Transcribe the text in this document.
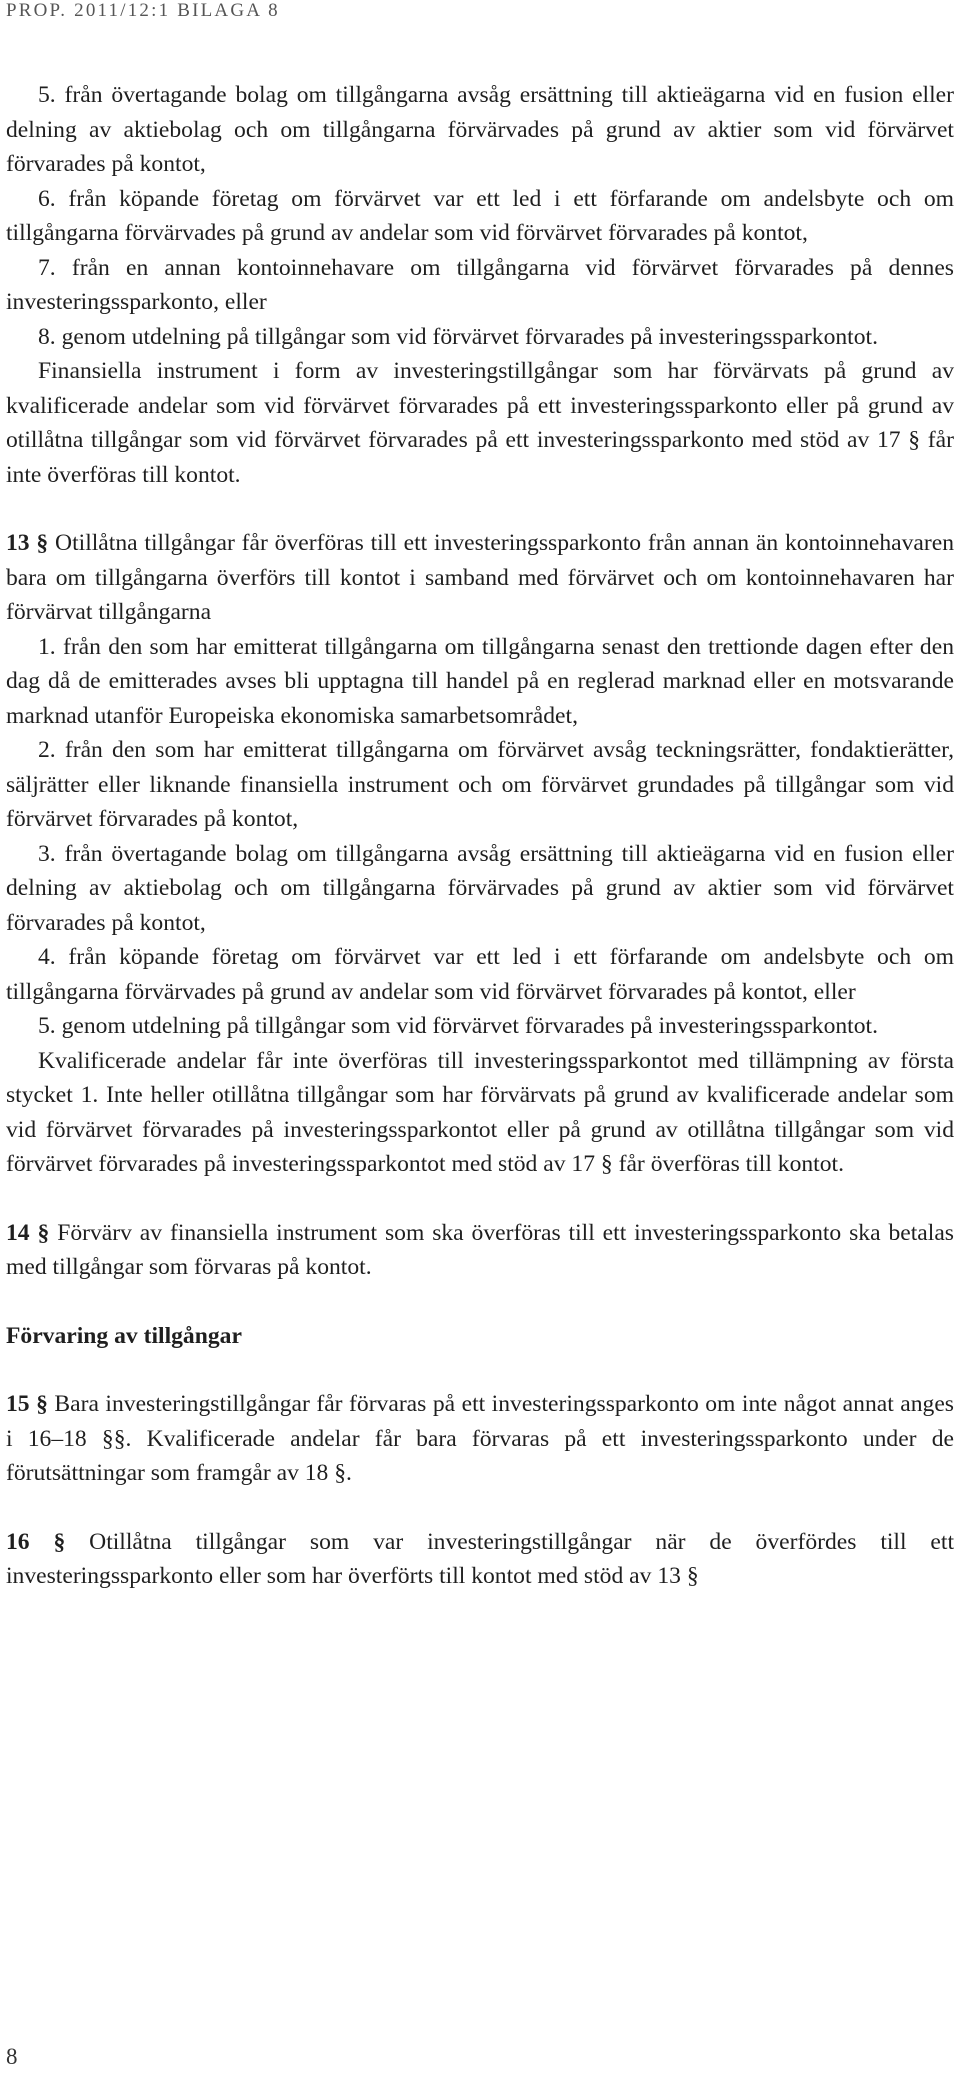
PROP. 2011/12:1 BILAGA 8

5. från övertagande bolag om tillgångarna avsåg ersättning till aktieägarna vid en fusion eller delning av aktiebolag och om tillgångarna förvärvades på grund av aktier som vid förvärvet förvarades på kontot,

6. från köpande företag om förvärvet var ett led i ett förfarande om andelsbyte och om tillgångarna förvärvades på grund av andelar som vid förvärvet förvarades på kontot,

7. från en annan kontoinnehavare om tillgångarna vid förvärvet förvarades på dennes investeringssparkonto, eller

8. genom utdelning på tillgångar som vid förvärvet förvarades på investeringssparkontot.

Finansiella instrument i form av investeringstillgångar som har förvärvats på grund av kvalificerade andelar som vid förvärvet förvarades på ett investeringssparkonto eller på grund av otillåtna tillgångar som vid förvärvet förvarades på ett investeringssparkonto med stöd av 17 § får inte överföras till kontot.

13 § Otillåtna tillgångar får överföras till ett investeringssparkonto från annan än kontoinnehavaren bara om tillgångarna överförs till kontot i samband med förvärvet och om kontoinnehavaren har förvärvat tillgångarna

1. från den som har emitterat tillgångarna om tillgångarna senast den trettionde dagen efter den dag då de emitterades avses bli upptagna till handel på en reglerad marknad eller en motsvarande marknad utanför Europeiska ekonomiska samarbetsområdet,

2. från den som har emitterat tillgångarna om förvärvet avsåg teckningsrätter, fondaktierätter, säljrätter eller liknande finansiella instrument och om förvärvet grundades på tillgångar som vid förvärvet förvarades på kontot,

3. från övertagande bolag om tillgångarna avsåg ersättning till aktieägarna vid en fusion eller delning av aktiebolag och om tillgångarna förvärvades på grund av aktier som vid förvärvet förvarades på kontot,

4. från köpande företag om förvärvet var ett led i ett förfarande om andelsbyte och om tillgångarna förvärvades på grund av andelar som vid förvärvet förvarades på kontot, eller

5. genom utdelning på tillgångar som vid förvärvet förvarades på investeringssparkontot.

Kvalificerade andelar får inte överföras till investeringssparkontot med tillämpning av första stycket 1. Inte heller otillåtna tillgångar som har förvärvats på grund av kvalificerade andelar som vid förvärvet förvarades på investeringssparkontot eller på grund av otillåtna tillgångar som vid förvärvet förvarades på investeringssparkontot med stöd av 17 § får överföras till kontot.

14 § Förvärv av finansiella instrument som ska överföras till ett investeringssparkonto ska betalas med tillgångar som förvaras på kontot.

Förvaring av tillgångar

15 § Bara investeringstillgångar får förvaras på ett investeringssparkonto om inte något annat anges i 16–18 §§. Kvalificerade andelar får bara förvaras på ett investeringssparkonto under de förutsättningar som framgår av 18 §.

16 § Otillåtna tillgångar som var investeringstillgångar när de överfördes till ett investeringssparkonto eller som har överförts till kontot med stöd av 13 §

8
